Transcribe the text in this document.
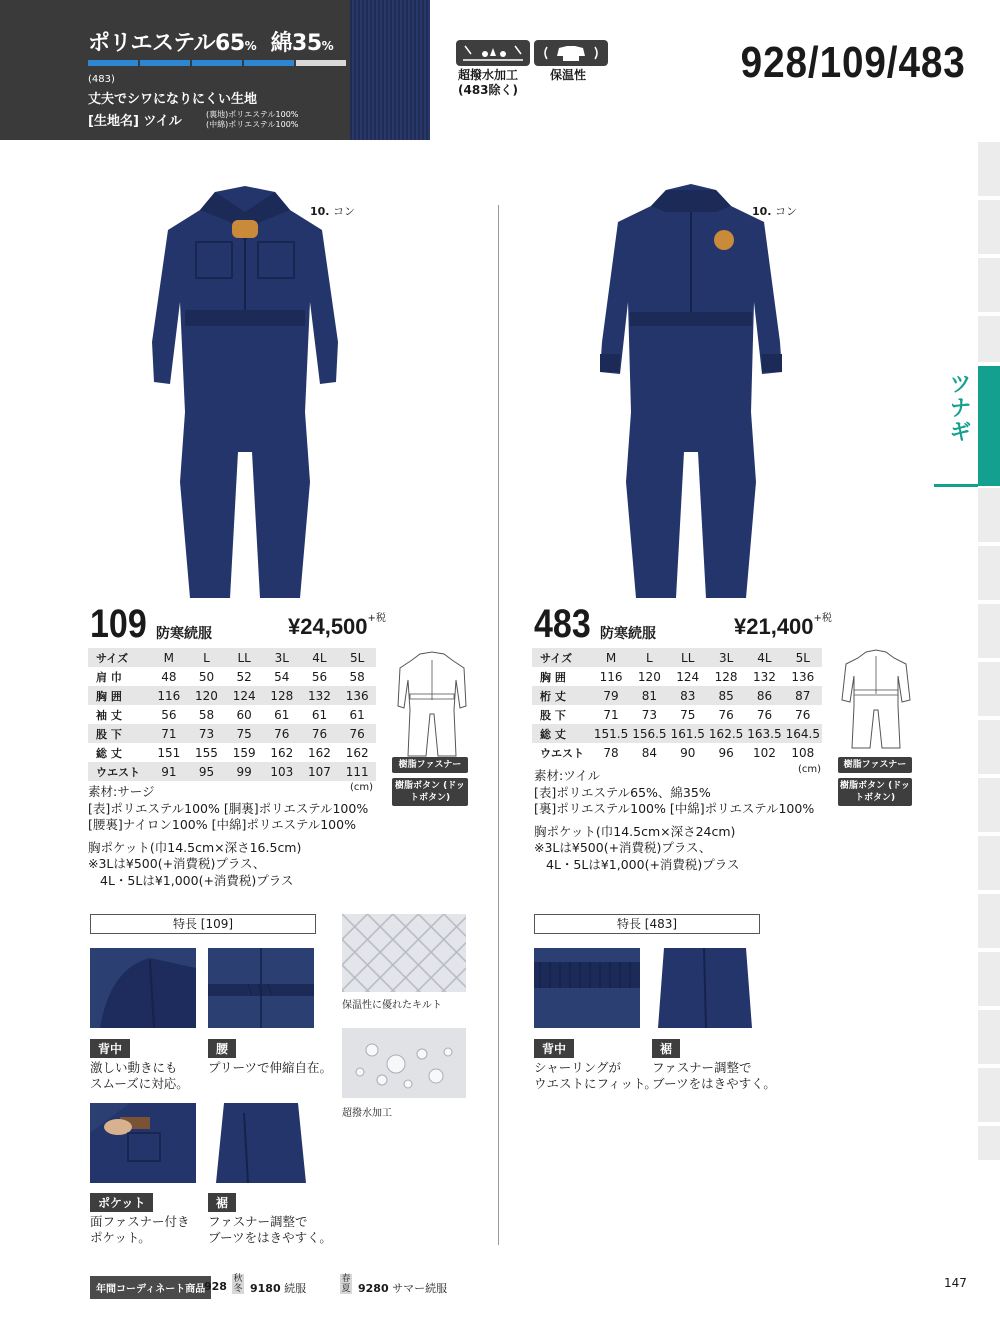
ポリエステル65% 綿35%
(483)
丈夫でシワになりにくい生地
[生地名] ツイル	(裏地)ポリエステル100%
(中綿)ポリエステル100%
超撥水加工
(483除く)
保温性	928/109/483
ツナギ
10. コン
109 防寒続服	¥24,500+税
サイズ	M	L	LL	3L	4L	5L
肩 巾	48	50	52	54	56	58
胸 囲	116	120	124	128	132	136
袖 丈	56	58	60	61	61	61
股 下	71	73	75	76	76	76
総 丈	151	155	159	162	162	162
ウエスト	91	95	99	103	107	111
(cm)
樹脂ファスナー
樹脂ボタン (ドットボタン)
素材:サージ
[表]ポリエステル100% [胴裏]ポリエステル100%
[腰裏]ナイロン100% [中綿]ポリエステル100%
胸ポケット(巾14.5cm×深さ16.5cm)
※3Lは¥500(+消費税)プラス、
4L・5Lは¥1,000(+消費税)プラス
特長 [109]
背中
激しい動きにも
スムーズに対応。
腰
プリーツで伸縮自在。
ポケット
面ファスナー付き
ポケット。
裾
ファスナー調整で
ブーツをはきやすく。
保温性に優れたキルト
超撥水加工
10. コン
483 防寒続服	¥21,400+税
サイズ	M	L	LL	3L	4L	5L
胸 囲	116	120	124	128	132	136
桁 丈	79	81	83	85	86	87
股 下	71	73	75	76	76	76
総 丈	151.5	156.5	161.5	162.5	163.5	164.5
ウエスト	78	84	90	96	102	108
(cm)	樹脂ファスナー
樹脂ボタン (ドットボタン)
素材:ツイル
[表]ポリエステル65%、綿35%
[裏]ポリエステル100% [中綿]ポリエステル100%
胸ポケット(巾14.5cm×深さ24cm)
※3Lは¥500(+消費税)プラス、
4L・5Lは¥1,000(+消費税)プラス
特長 [483]
背中
シャーリングが
ウエストにフィット。
裾
ファスナー調整で
ブーツをはきやすく。
年間コーディネート商品
928
秋冬 9180 続服
春夏 9280 サマー続服	147
